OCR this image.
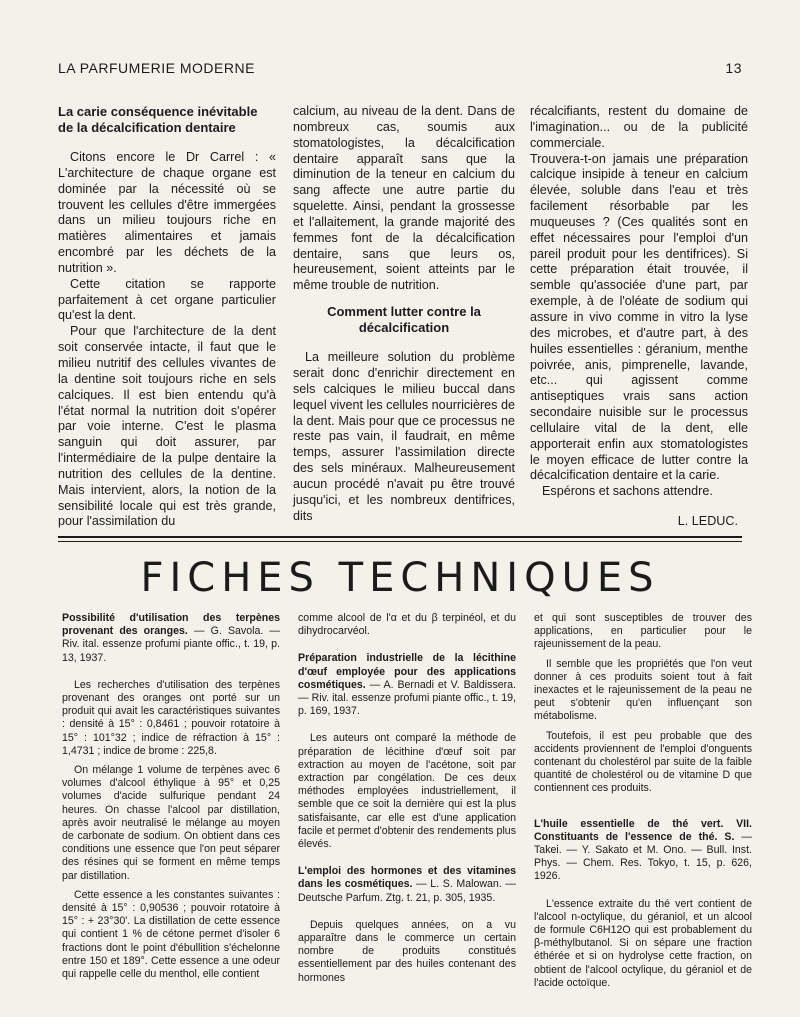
LA PARFUMERIE MODERNE	13
La carie conséquence inévitable de la décalcification dentaire

Citons encore le Dr Carrel : « L'architecture de chaque organe est dominée par la nécessité où se trouvent les cellules d'être immergées dans un milieu toujours riche en matières alimentaires et jamais encombré par les déchets de la nutrition ».

Cette citation se rapporte parfaitement à cet organe particulier qu'est la dent.

Pour que l'architecture de la dent soit conservée intacte, il faut que le milieu nutritif des cellules vivantes de la dentine soit toujours riche en sels calciques. Il est bien entendu qu'à l'état normal la nutrition doit s'opérer par voie interne. C'est le plasma sanguin qui doit assurer, par l'intermédiaire de la pulpe dentaire la nutrition des cellules de la dentine. Mais intervient, alors, la notion de la sensibilité locale qui est très grande, pour l'assimilation du

calcium, au niveau de la dent. Dans de nombreux cas, soumis aux stomatologistes, la décalcification dentaire apparaît sans que la diminution de la teneur en calcium du sang affecte une autre partie du squelette. Ainsi, pendant la grossesse et l'allaitement, la grande majorité des femmes font de la décalcification dentaire, sans que leurs os, heureusement, soient atteints par le même trouble de nutrition.

Comment lutter contre la décalcification

La meilleure solution du problème serait donc d'enrichir directement en sels calciques le milieu buccal dans lequel vivent les cellules nourricières de la dent. Mais pour que ce processus ne reste pas vain, il faudrait, en même temps, assurer l'assimilation directe des sels minéraux. Malheureusement aucun procédé n'avait pu être trouvé jusqu'ici, et les nombreux dentifrices, dits

récalcifiants, restent du domaine de l'imagination... ou de la publicité commerciale.

Trouvera-t-on jamais une préparation calcique insipide à teneur en calcium élevée, soluble dans l'eau et très facilement résorbable par les muqueuses ? (Ces qualités sont en effet nécessaires pour l'emploi d'un pareil produit pour les dentifrices). Si cette préparation était trouvée, il semble qu'associée d'une part, par exemple, à de l'oléate de sodium qui assure in vivo comme in vitro la lyse des microbes, et d'autre part, à des huiles essentielles : géranium, menthe poivrée, anis, pimprenelle, lavande, etc... qui agissent comme antiseptiques vrais sans action secondaire nuisible sur le processus cellulaire vital de la dent, elle apporterait enfin aux stomatologistes le moyen efficace de lutter contre la décalcification dentaire et la carie.

Espérons et sachons attendre.

L. LEDUC.

FICHES TECHNIQUES

Possibilité d'utilisation des terpènes provenant des oranges. — G. Savola. — Riv. ital. essenze profumi piante offic., t. 19, p. 13, 1937.

Les recherches d'utilisation des terpènes provenant des oranges ont porté sur un produit qui avait les caractéristiques suivantes : densité à 15° : 0,8461 ; pouvoir rotatoire à 15° : 101°32 ; indice de réfraction à 15° : 1,4731 ; indice de brome : 225,8.

On mélange 1 volume de terpènes avec 6 volumes d'alcool éthylique à 95° et 0,25 volumes d'acide sulfurique pendant 24 heures. On chasse l'alcool par distillation, après avoir neutralisé le mélange au moyen de carbonate de sodium. On obtient dans ces conditions une essence que l'on peut séparer des résines qui se forment en même temps par distillation.

Cette essence a les constantes suivantes : densité à 15° : 0,90536 ; pouvoir rotatoire à 15° : + 23°30'. La distillation de cette essence qui contient 1 % de cétone permet d'isoler 6 fractions dont le point d'ébullition s'échelonne entre 150 et 189°. Cette essence a une odeur qui rappelle celle du menthol, elle contient

comme alcool de l'α et du β terpinéol, et du dihydrocarvéol.

Préparation industrielle de la lécithine d'œuf employée pour des applications cosmétiques. — A. Bernadi et V. Baldissera. — Riv. ital. essenze profumi piante offic., t. 19, p. 169, 1937.

Les auteurs ont comparé la méthode de préparation de lécithine d'œuf soit par extraction au moyen de l'acétone, soit par extraction par congélation. De ces deux méthodes employées industriellement, il semble que ce soit la dernière qui est la plus satisfaisante, car elle est d'une application facile et permet d'obtenir des rendements plus élevés.

L'emploi des hormones et des vitamines dans les cosmétiques. — L. S. Malowan. — Deutsche Parfum. Ztg. t. 21, p. 305, 1935.

Depuis quelques années, on a vu apparaître dans le commerce un certain nombre de produits constitués essentiellement par des huiles contenant des hormones

et qui sont susceptibles de trouver des applications, en particulier pour le rajeunissement de la peau.

Il semble que les propriétés que l'on veut donner à ces produits soient tout à fait inexactes et le rajeunissement de la peau ne peut s'obtenir qu'en influençant son métabolisme.

Toutefois, il est peu probable que des accidents proviennent de l'emploi d'onguents contenant du cholestérol par suite de la faible quantité de cholestérol ou de vitamine D que contiennent ces produits.

L'huile essentielle de thé vert. VII. Constituants de l'essence de thé. S. — Takei. — Y. Sakato et M. Ono. — Bull. Inst. Phys. — Chem. Res. Tokyo, t. 15, p. 626, 1926.

L'essence extraite du thé vert contient de l'alcool n-octylique, du géraniol, et un alcool de formule C6H12O qui est probablement du β-méthylbutanol. Si on sépare une fraction éthérée et si on hydrolyse cette fraction, on obtient de l'alcool octylique, du géraniol et de l'acide octoïque.
